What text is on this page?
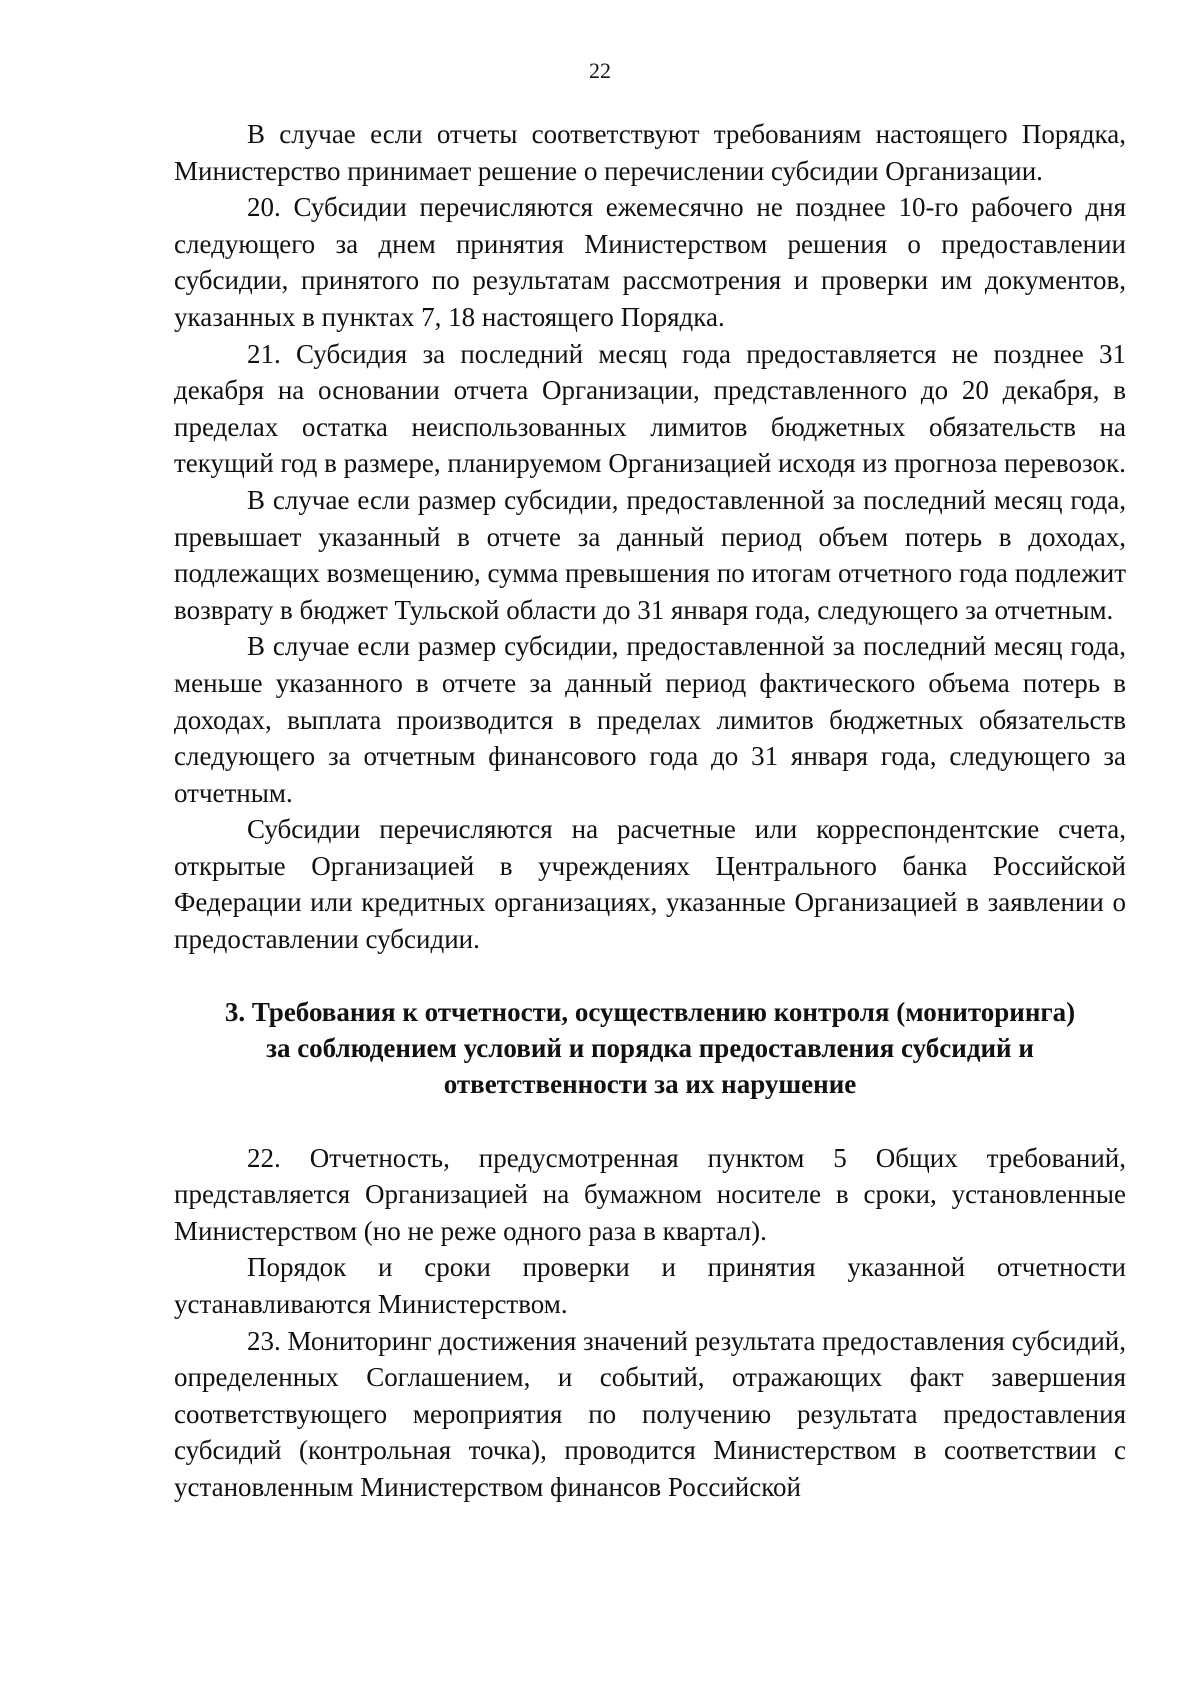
22

В случае если отчеты соответствуют требованиям настоящего Порядка, Министерство принимает решение о перечислении субсидии Организации.

20. Субсидии перечисляются ежемесячно не позднее 10-го рабочего дня следующего за днем принятия Министерством решения о предоставлении субсидии, принятого по результатам рассмотрения и проверки им документов, указанных в пунктах 7, 18 настоящего Порядка.

21. Субсидия за последний месяц года предоставляется не позднее 31 декабря на основании отчета Организации, представленного до 20 декабря, в пределах остатка неиспользованных лимитов бюджетных обязательств на текущий год в размере, планируемом Организацией исходя из прогноза перевозок.

В случае если размер субсидии, предоставленной за последний месяц года, превышает указанный в отчете за данный период объем потерь в доходах, подлежащих возмещению, сумма превышения по итогам отчетного года подлежит возврату в бюджет Тульской области до 31 января года, следующего за отчетным.

В случае если размер субсидии, предоставленной за последний месяц года, меньше указанного в отчете за данный период фактического объема потерь в доходах, выплата производится в пределах лимитов бюджетных обязательств следующего за отчетным финансового года до 31 января года, следующего за отчетным.

Субсидии перечисляются на расчетные или корреспондентские счета, открытые Организацией в учреждениях Центрального банка Российской Федерации или кредитных организациях, указанные Организацией в заявлении о предоставлении субсидии.

3. Требования к отчетности, осуществлению контроля (мониторинга)
за соблюдением условий и порядка предоставления субсидий и
ответственности за их нарушение

22. Отчетность, предусмотренная пунктом 5 Общих требований, представляется Организацией на бумажном носителе в сроки, установленные Министерством (но не реже одного раза в квартал).

Порядок и сроки проверки и принятия указанной отчетности устанавливаются Министерством.

23. Мониторинг достижения значений результата предоставления субсидий, определенных Соглашением, и событий, отражающих факт завершения соответствующего мероприятия по получению результата предоставления субсидий (контрольная точка), проводится Министерством в соответствии с установленным Министерством финансов Российской
